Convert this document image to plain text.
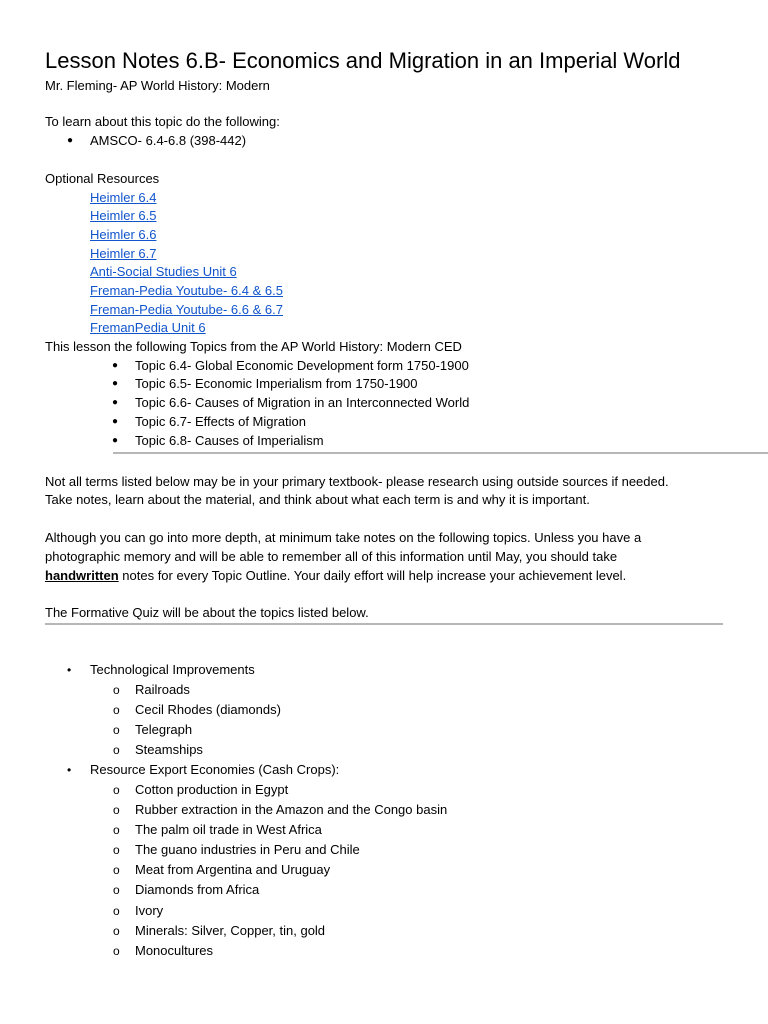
Lesson Notes 6.B- Economics and Migration in an Imperial World
Mr. Fleming- AP World History: Modern
To learn about this topic do the following:
● AMSCO- 6.4-6.8 (398-442)
Optional Resources
Heimler 6.4
Heimler 6.5
Heimler 6.6
Heimler 6.7
Anti-Social Studies Unit 6
Freman-Pedia Youtube- 6.4 & 6.5
Freman-Pedia Youtube- 6.6 & 6.7
FremanPedia Unit 6
This lesson the following Topics from the AP World History: Modern CED
● Topic 6.4- Global Economic Development form 1750-1900
● Topic 6.5- Economic Imperialism from 1750-1900
● Topic 6.6- Causes of Migration in an Interconnected World
● Topic 6.7- Effects of Migration
● Topic 6.8- Causes of Imperialism
Not all terms listed below may be in your primary textbook- please research using outside sources if needed.
Take notes, learn about the material, and think about what each term is and why it is important.
Although you can go into more depth, at minimum take notes on the following topics. Unless you have a
photographic memory and will be able to remember all of this information until May, you should take
handwritten notes for every Topic Outline. Your daily effort will help increase your achievement level.
The Formative Quiz will be about the topics listed below.
• Technological Improvements
o Railroads
o Cecil Rhodes (diamonds)
o Telegraph
o Steamships
• Resource Export Economies (Cash Crops):
o Cotton production in Egypt
o Rubber extraction in the Amazon and the Congo basin
o The palm oil trade in West Africa
o The guano industries in Peru and Chile
o Meat from Argentina and Uruguay
o Diamonds from Africa
o Ivory
o Minerals: Silver, Copper, tin, gold
o Monocultures
